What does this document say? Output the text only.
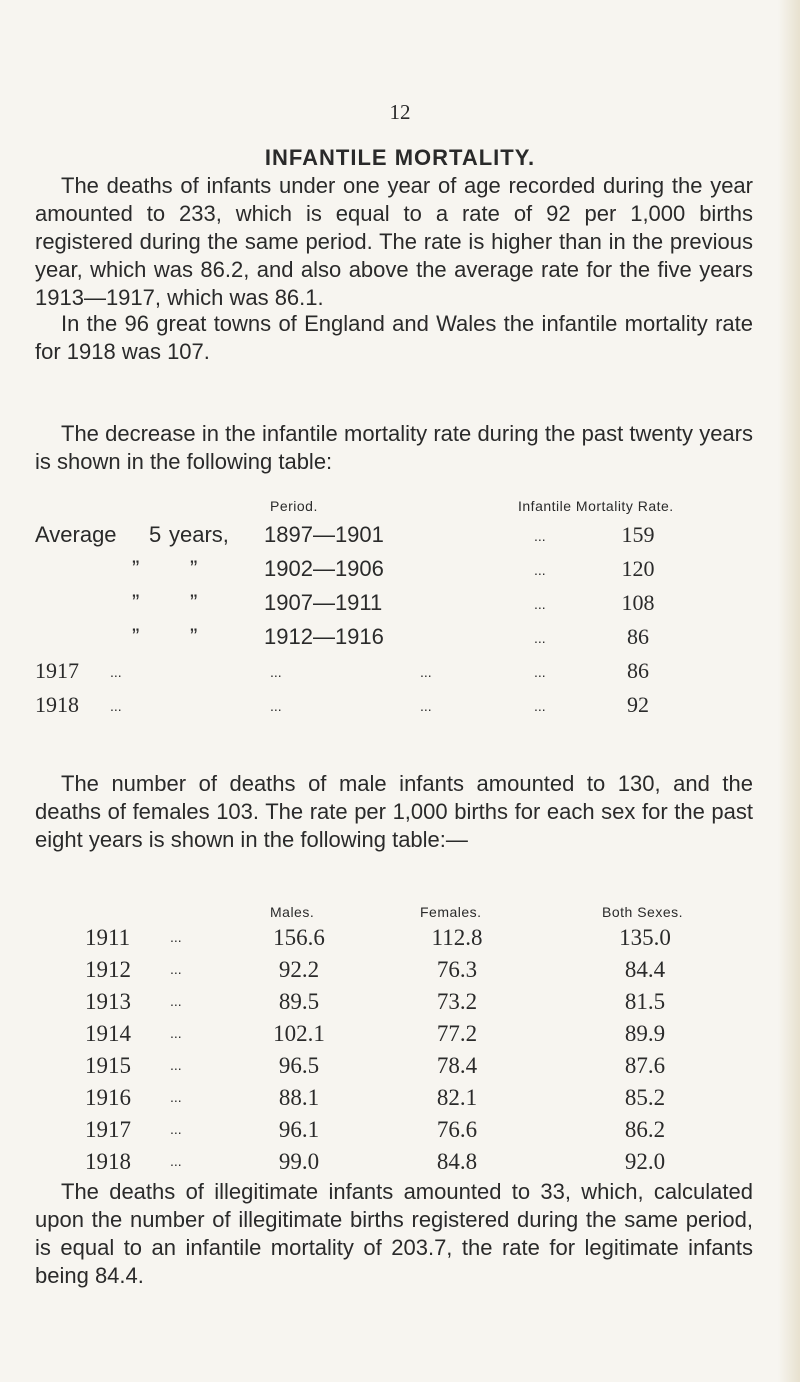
12
INFANTILE MORTALITY.

The deaths of infants under one year of age recorded during the year amounted to 233, which is equal to a rate of 92 per 1,000 births registered during the same period. The rate is higher than in the previous year, which was 86.2, and also above the average rate for the five years 1913—1917, which was 86.1.

In the 96 great towns of England and Wales the infantile mortality rate for 1918 was 107.

The decrease in the infantile mortality rate during the past twenty years is shown in the following table:

Period.	Infantile Mortality Rate.
Average 5 years, 1897—1901	...	159
” ”	1902—1906	...	120
” ”	1907—1911	...	108
” ”	1912—1916	...	86
1917 ...	...	...	...	86
1918 ...	...	...	...	92

The number of deaths of male infants amounted to 130, and the deaths of females 103. The rate per 1,000 births for each sex for the past eight years is shown in the following table:—

Males.	Females.	Both Sexes.
1911	...	156.6	112.8	135.0
1912	...	92.2	76.3	84.4
1913	...	89.5	73.2	81.5
1914	...	102.1	77.2	89.9
1915	...	96.5	78.4	87.6
1916	...	88.1	82.1	85.2
1917	...	96.1	76.6	86.2
1918	...	99.0	84.8	92.0

The deaths of illegitimate infants amounted to 33, which, calculated upon the number of illegitimate births registered during the same period, is equal to an infantile mortality of 203.7, the rate for legitimate infants being 84.4.
